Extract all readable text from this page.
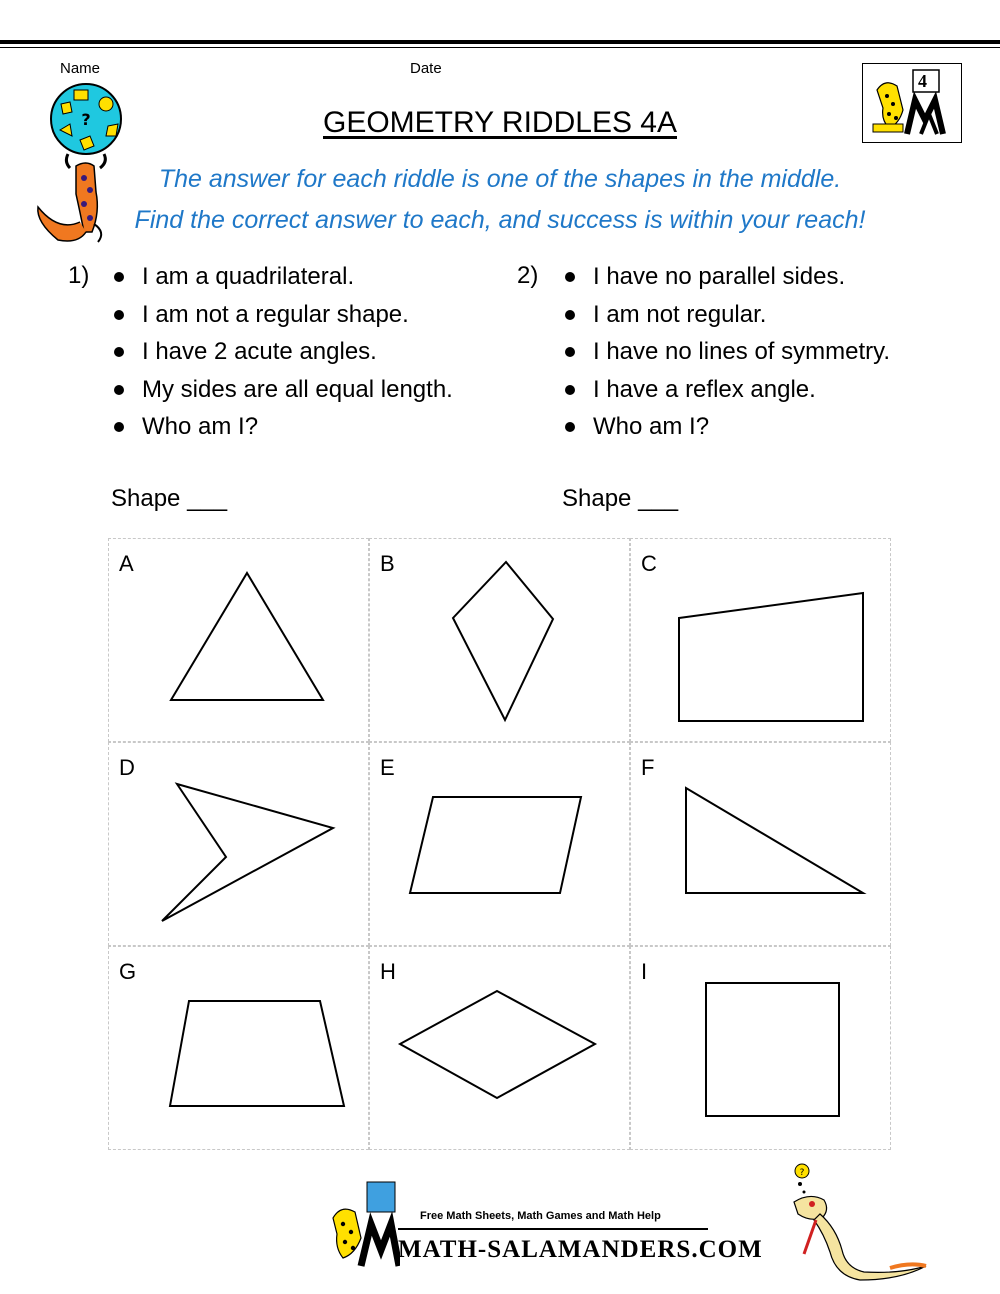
Name	Date
?	GEOMETRY RIDDLES 4A
4
The answer for each riddle is one of the shapes in the middle.
Find the correct answer to each, and success is within your reach!
1)	I am a quadrilateral.
I am not a regular shape.
I have 2 acute angles.
My sides are all equal length.
Who am I?
Shape ___
2)	I have no parallel sides.
I am not regular.
I have no lines of symmetry.
I have a reflex angle.
Who am I?
Shape ___
A	B	C
D	E	F
G	H	I
Free Math Sheets, Math Games and Math Help
MATH-SALAMANDERS.COM
?
